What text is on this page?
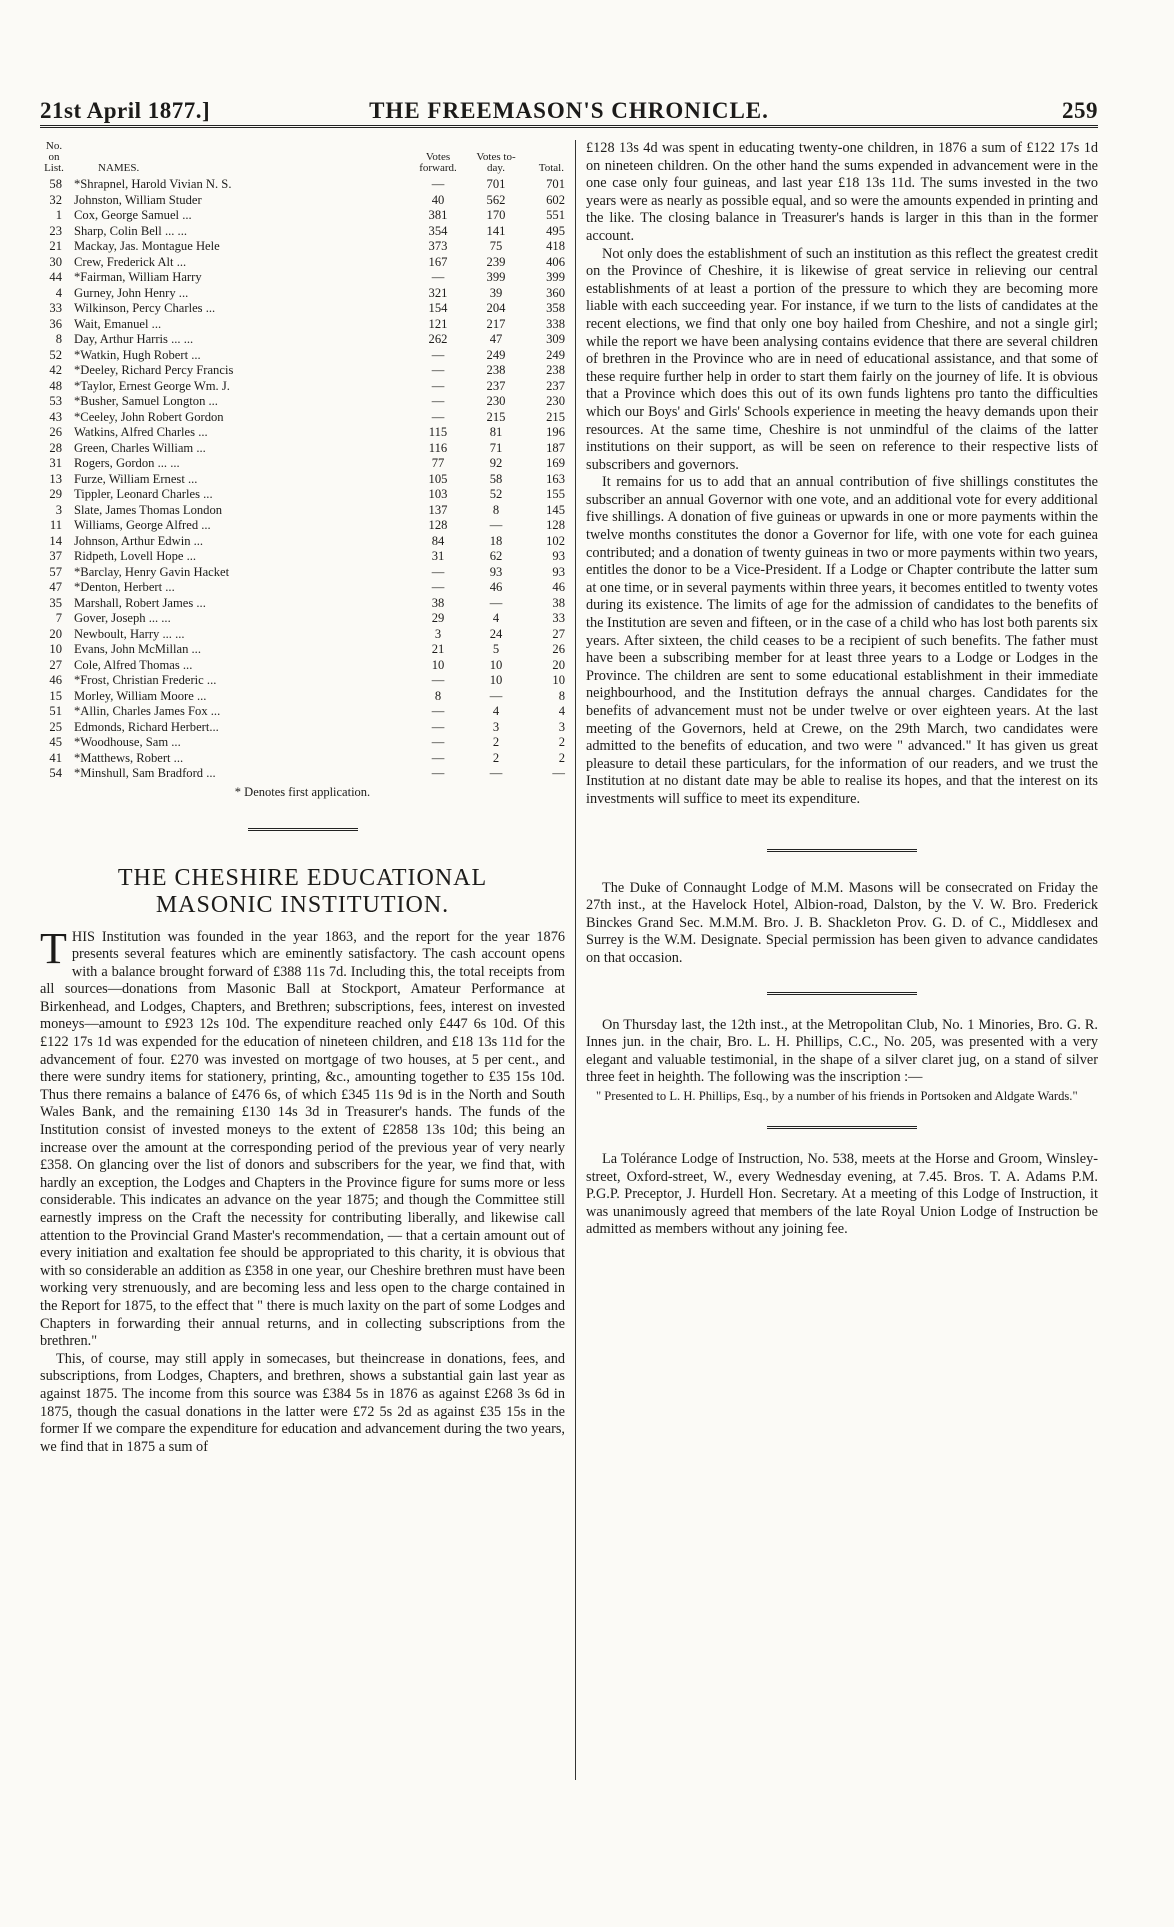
21st April 1877.]	THE FREEMASON'S CHRONICLE.	259
No. on List.	NAMES.	Votes forward.	Votes to-day.	Total.
58	*Shrapnel, Harold Vivian N. S.	—	701	701
32	Johnston, William Studer	40	562	602
1	Cox, George Samuel ...	381	170	551
23	Sharp, Colin Bell ... ...	354	141	495
21	Mackay, Jas. Montague Hele	373	75	418
30	Crew, Frederick Alt ...	167	239	406
44	*Fairman, William Harry	—	399	399
4	Gurney, John Henry ...	321	39	360
33	Wilkinson, Percy Charles ...	154	204	358
36	Wait, Emanuel ...	121	217	338
8	Day, Arthur Harris ... ...	262	47	309
52	*Watkin, Hugh Robert ...	—	249	249
42	*Deeley, Richard Percy Francis	—	238	238
48	*Taylor, Ernest George Wm. J.	—	237	237
53	*Busher, Samuel Longton ...	—	230	230
43	*Ceeley, John Robert Gordon	—	215	215
26	Watkins, Alfred Charles ...	115	81	196
28	Green, Charles William ...	116	71	187
31	Rogers, Gordon ... ...	77	92	169
13	Furze, William Ernest ...	105	58	163
29	Tippler, Leonard Charles ...	103	52	155
3	Slate, James Thomas London	137	8	145
11	Williams, George Alfred ...	128	—	128
14	Johnson, Arthur Edwin ...	84	18	102
37	Ridpeth, Lovell Hope ...	31	62	93
57	*Barclay, Henry Gavin Hacket	—	93	93
47	*Denton, Herbert ...	—	46	46
35	Marshall, Robert James ...	38	—	38
7	Gover, Joseph ... ...	29	4	33
20	Newboult, Harry ... ...	3	24	27
10	Evans, John McMillan ...	21	5	26
27	Cole, Alfred Thomas ...	10	10	20
46	*Frost, Christian Frederic ...	—	10	10
15	Morley, William Moore ...	8	—	8
51	*Allin, Charles James Fox ...	—	4	4
25	Edmonds, Richard Herbert...	—	3	3
45	*Woodhouse, Sam ...	—	2	2
41	*Matthews, Robert ...	—	2	2
54	*Minshull, Sam Bradford ...	—	—	—
* Denotes first application.
THE CHESHIRE EDUCATIONAL
MASONIC INSTITUTION.

THIS Institution was founded in the year 1863, and the report for the year 1876 presents several features which are eminently satisfactory. The cash account opens with a balance brought forward of £388 11s 7d. Including this, the total receipts from all sources—donations from Masonic Ball at Stockport, Amateur Performance at Birkenhead, and Lodges, Chapters, and Brethren; subscriptions, fees, interest on invested moneys—amount to £923 12s 10d. The expenditure reached only £447 6s 10d. Of this £122 17s 1d was expended for the education of nineteen children, and £18 13s 11d for the advancement of four. £270 was invested on mortgage of two houses, at 5 per cent., and there were sundry items for stationery, printing, &c., amounting together to £35 15s 10d. Thus there remains a balance of £476 6s, of which £345 11s 9d is in the North and South Wales Bank, and the remaining £130 14s 3d in Treasurer's hands. The funds of the Institution consist of invested moneys to the extent of £2858 13s 10d; this being an increase over the amount at the corresponding period of the previous year of very nearly £358. On glancing over the list of donors and subscribers for the year, we find that, with hardly an exception, the Lodges and Chapters in the Province figure for sums more or less considerable. This indicates an advance on the year 1875; and though the Committee still earnestly impress on the Craft the necessity for contributing liberally, and likewise call attention to the Provincial Grand Master's recommendation, — that a certain amount out of every initiation and exaltation fee should be appropriated to this charity, it is obvious that with so considerable an addition as £358 in one year, our Cheshire brethren must have been working very strenuously, and are becoming less and less open to the charge contained in the Report for 1875, to the effect that " there is much laxity on the part of some Lodges and Chapters in forwarding their annual returns, and in collecting subscriptions from the brethren."

This, of course, may still apply in somecases, but theincrease in donations, fees, and subscriptions, from Lodges, Chapters, and brethren, shows a substantial gain last year as against 1875. The income from this source was £384 5s in 1876 as against £268 3s 6d in 1875, though the casual donations in the latter were £72 5s 2d as against £35 15s in the former If we compare the expenditure for education and advancement during the two years, we find that in 1875 a sum of

£128 13s 4d was spent in educating twenty-one children, in 1876 a sum of £122 17s 1d on nineteen children. On the other hand the sums expended in advancement were in the one case only four guineas, and last year £18 13s 11d. The sums invested in the two years were as nearly as possible equal, and so were the amounts expended in printing and the like. The closing balance in Treasurer's hands is larger in this than in the former account.

Not only does the establishment of such an institution as this reflect the greatest credit on the Province of Cheshire, it is likewise of great service in relieving our central establishments of at least a portion of the pressure to which they are becoming more liable with each succeeding year. For instance, if we turn to the lists of candidates at the recent elections, we find that only one boy hailed from Cheshire, and not a single girl; while the report we have been analysing contains evidence that there are several children of brethren in the Province who are in need of educational assistance, and that some of these require further help in order to start them fairly on the journey of life. It is obvious that a Province which does this out of its own funds lightens pro tanto the difficulties which our Boys' and Girls' Schools experience in meeting the heavy demands upon their resources. At the same time, Cheshire is not unmindful of the claims of the latter institutions on their support, as will be seen on reference to their respective lists of subscribers and governors.

It remains for us to add that an annual contribution of five shillings constitutes the subscriber an annual Governor with one vote, and an additional vote for every additional five shillings. A donation of five guineas or upwards in one or more payments within the twelve months constitutes the donor a Governor for life, with one vote for each guinea contributed; and a donation of twenty guineas in two or more payments within two years, entitles the donor to be a Vice-President. If a Lodge or Chapter contribute the latter sum at one time, or in several payments within three years, it becomes entitled to twenty votes during its existence. The limits of age for the admission of candidates to the benefits of the Institution are seven and fifteen, or in the case of a child who has lost both parents six years. After sixteen, the child ceases to be a recipient of such benefits. The father must have been a subscribing member for at least three years to a Lodge or Lodges in the Province. The children are sent to some educational establishment in their immediate neighbourhood, and the Institution defrays the annual charges. Candidates for the benefits of advancement must not be under twelve or over eighteen years. At the last meeting of the Governors, held at Crewe, on the 29th March, two candidates were admitted to the benefits of education, and two were " advanced." It has given us great pleasure to detail these particulars, for the information of our readers, and we trust the Institution at no distant date may be able to realise its hopes, and that the interest on its investments will suffice to meet its expenditure.

The Duke of Connaught Lodge of M.M. Masons will be consecrated on Friday the 27th inst., at the Havelock Hotel, Albion-road, Dalston, by the V. W. Bro. Frederick Binckes Grand Sec. M.M.M. Bro. J. B. Shackleton Prov. G. D. of C., Middlesex and Surrey is the W.M. Designate. Special permission has been given to advance candidates on that occasion.

On Thursday last, the 12th inst., at the Metropolitan Club, No. 1 Minories, Bro. G. R. Innes jun. in the chair, Bro. L. H. Phillips, C.C., No. 205, was presented with a very elegant and valuable testimonial, in the shape of a silver claret jug, on a stand of silver three feet in heighth. The following was the inscription :—

" Presented to L. H. Phillips, Esq., by a number of his friends in Portsoken and Aldgate Wards."

La Tolérance Lodge of Instruction, No. 538, meets at the Horse and Groom, Winsley-street, Oxford-street, W., every Wednesday evening, at 7.45. Bros. T. A. Adams P.M. P.G.P. Preceptor, J. Hurdell Hon. Secretary. At a meeting of this Lodge of Instruction, it was unanimously agreed that members of the late Royal Union Lodge of Instruction be admitted as members without any joining fee.
